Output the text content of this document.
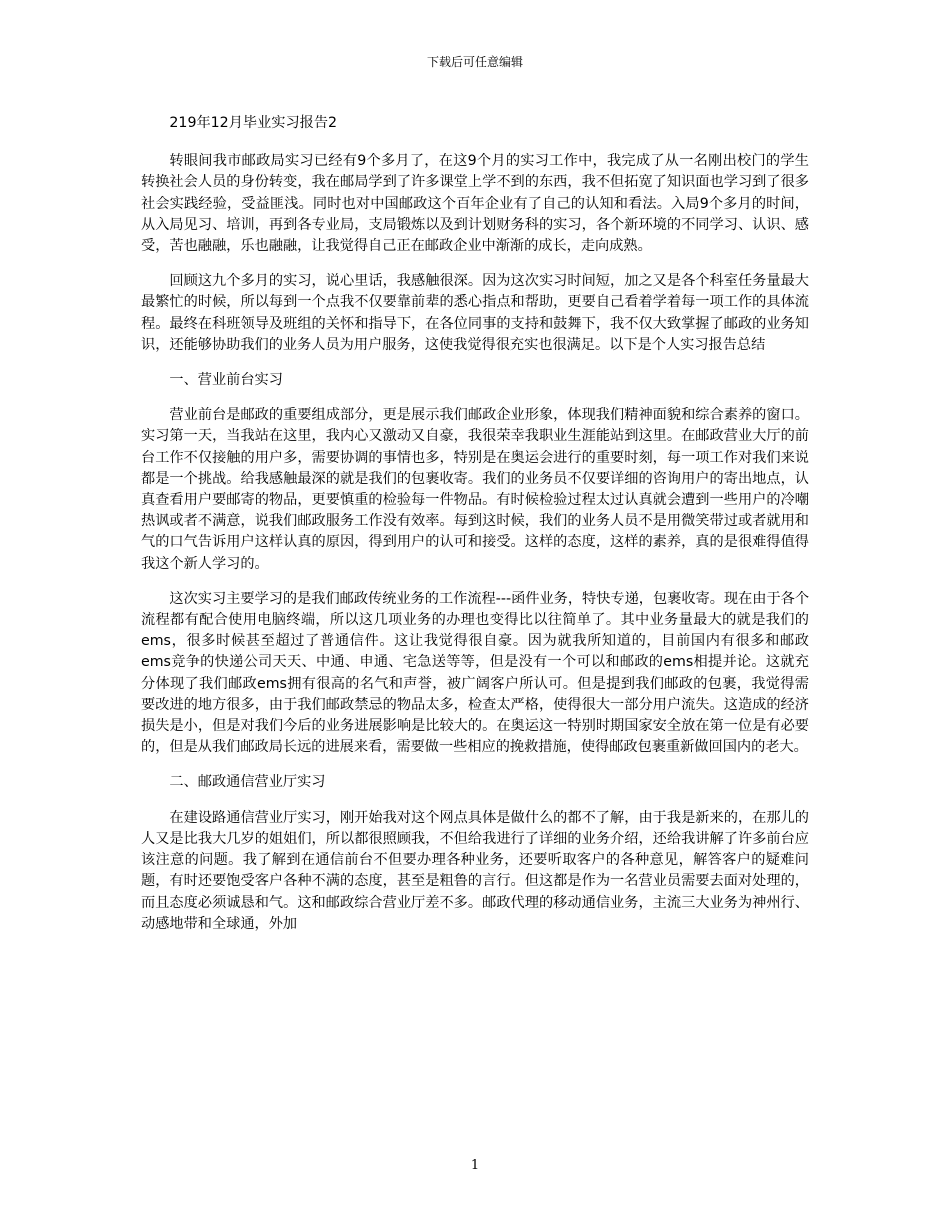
下载后可任意编辑

219年12月毕业实习报告2

转眼间我市邮政局实习已经有9个多月了，在这9个月的实习工作中，我完成了从一名刚出校门的学生转换社会人员的身份转变，我在邮局学到了许多课堂上学不到的东西，我不但拓宽了知识面也学习到了很多社会实践经验，受益匪浅。同时也对中国邮政这个百年企业有了自己的认知和看法。入局9个多月的时间，从入局见习、培训，再到各专业局，支局锻炼以及到计划财务科的实习，各个新环境的不同学习、认识、感受，苦也融融，乐也融融，让我觉得自己正在邮政企业中渐渐的成长，走向成熟。

回顾这九个多月的实习，说心里话，我感触很深。因为这次实习时间短，加之又是各个科室任务量最大最繁忙的时候，所以每到一个点我不仅要靠前辈的悉心指点和帮助，更要自己看着学着每一项工作的具体流程。最终在科班领导及班组的关怀和指导下，在各位同事的支持和鼓舞下，我不仅大致掌握了邮政的业务知识，还能够协助我们的业务人员为用户服务，这使我觉得很充实也很满足。以下是个人实习报告总结

一、营业前台实习

营业前台是邮政的重要组成部分，更是展示我们邮政企业形象，体现我们精神面貌和综合素养的窗口。实习第一天，当我站在这里，我内心又激动又自豪，我很荣幸我职业生涯能站到这里。在邮政营业大厅的前台工作不仅接触的用户多，需要协调的事情也多，特别是在奥运会进行的重要时刻，每一项工作对我们来说都是一个挑战。给我感触最深的就是我们的包裹收寄。我们的业务员不仅要详细的咨询用户的寄出地点，认真查看用户要邮寄的物品，更要慎重的检验每一件物品。有时候检验过程太过认真就会遭到一些用户的冷嘲热讽或者不满意，说我们邮政服务工作没有效率。每到这时候，我们的业务人员不是用微笑带过或者就用和气的口气告诉用户这样认真的原因，得到用户的认可和接受。这样的态度，这样的素养，真的是很难得值得我这个新人学习的。

这次实习主要学习的是我们邮政传统业务的工作流程---函件业务，特快专递，包裹收寄。现在由于各个流程都有配合使用电脑终端，所以这几项业务的办理也变得比以往简单了。其中业务量最大的就是我们的ems，很多时候甚至超过了普通信件。这让我觉得很自豪。因为就我所知道的，目前国内有很多和邮政ems竞争的快递公司天天、中通、申通、宅急送等等，但是没有一个可以和邮政的ems相提并论。这就充分体现了我们邮政ems拥有很高的名气和声誉，被广阔客户所认可。但是提到我们邮政的包裹，我觉得需要改进的地方很多，由于我们邮政禁忌的物品太多，检查太严格，使得很大一部分用户流失。这造成的经济损失是小，但是对我们今后的业务进展影响是比较大的。在奥运这一特别时期国家安全放在第一位是有必要的，但是从我们邮政局长远的进展来看，需要做一些相应的挽救措施，使得邮政包裹重新做回国内的老大。

二、邮政通信营业厅实习

在建设路通信营业厅实习，刚开始我对这个网点具体是做什么的都不了解，由于我是新来的，在那儿的人又是比我大几岁的姐姐们，所以都很照顾我，不但给我进行了详细的业务介绍，还给我讲解了许多前台应该注意的问题。我了解到在通信前台不但要办理各种业务，还要听取客户的各种意见，解答客户的疑难问题，有时还要饱受客户各种不满的态度，甚至是粗鲁的言行。但这都是作为一名营业员需要去面对处理的，而且态度必须诚恳和气。这和邮政综合营业厅差不多。邮政代理的移动通信业务，主流三大业务为神州行、动感地带和全球通，外加

1
